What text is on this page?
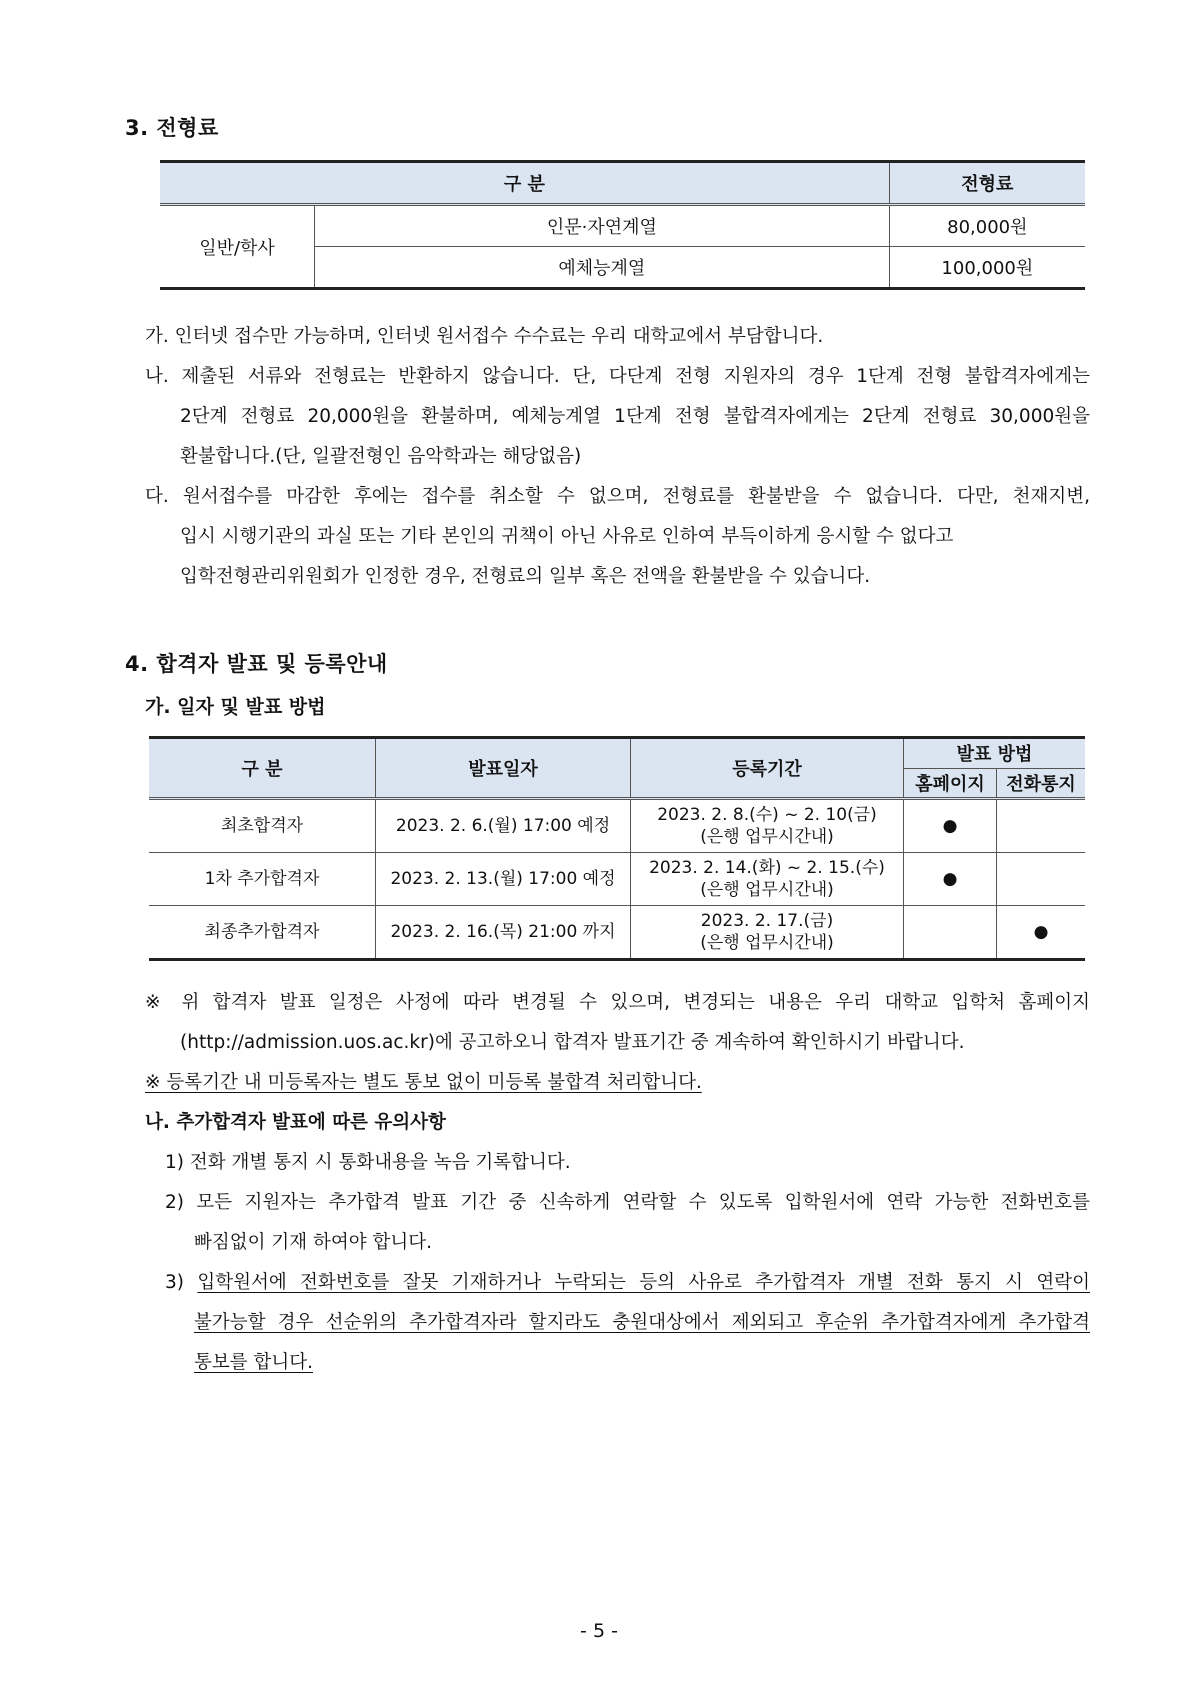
3. 전형료
구 분		전형료
일반/학사	인문·자연계열	80,000원
	예체능계열	100,000원
가. 인터넷 접수만 가능하며, 인터넷 원서접수 수수료는 우리 대학교에서 부담합니다.
나. 제출된 서류와 전형료는 반환하지 않습니다. 단, 다단계 전형 지원자의 경우 1단계 전형 불합격자에게는
2단계 전형료 20,000원을 환불하며, 예체능계열 1단계 전형 불합격자에게는 2단계 전형료 30,000원을
환불합니다.(단, 일괄전형인 음악학과는 해당없음)
다. 원서접수를 마감한 후에는 접수를 취소할 수 없으며, 전형료를 환불받을 수 없습니다. 다만, 천재지변,
입시 시행기관의 과실 또는 기타 본인의 귀책이 아닌 사유로 인하여 부득이하게 응시할 수 없다고
입학전형관리위원회가 인정한 경우, 전형료의 일부 혹은 전액을 환불받을 수 있습니다.
4. 합격자 발표 및 등록안내
가. 일자 및 발표 방법
구 분	발표일자	등록기간	발표 방법	
			홈페이지	전화통지
최초합격자	2023. 2. 6.(월) 17:00 예정	2023. 2. 8.(수) ~ 2. 10(금)
(은행 업무시간내)	●	
1차 추가합격자	2023. 2. 13.(월) 17:00 예정	2023. 2. 14.(화) ~ 2. 15.(수)
(은행 업무시간내)	●	
최종추가합격자	2023. 2. 16.(목) 21:00 까지	2023. 2. 17.(금)
(은행 업무시간내)		●
※ 위 합격자 발표 일정은 사정에 따라 변경될 수 있으며, 변경되는 내용은 우리 대학교 입학처 홈페이지
(http://admission.uos.ac.kr)에 공고하오니 합격자 발표기간 중 계속하여 확인하시기 바랍니다.
※ 등록기간 내 미등록자는 별도 통보 없이 미등록 불합격 처리합니다.
나. 추가합격자 발표에 따른 유의사항
1) 전화 개별 통지 시 통화내용을 녹음 기록합니다.
2) 모든 지원자는 추가합격 발표 기간 중 신속하게 연락할 수 있도록 입학원서에 연락 가능한 전화번호를
빠짐없이 기재 하여야 합니다.
3) 입학원서에 전화번호를 잘못 기재하거나 누락되는 등의 사유로 추가합격자 개별 전화 통지 시 연락이
불가능할 경우 선순위의 추가합격자라 할지라도 충원대상에서 제외되고 후순위 추가합격자에게 추가합격
통보를 합니다.
- 5 -
